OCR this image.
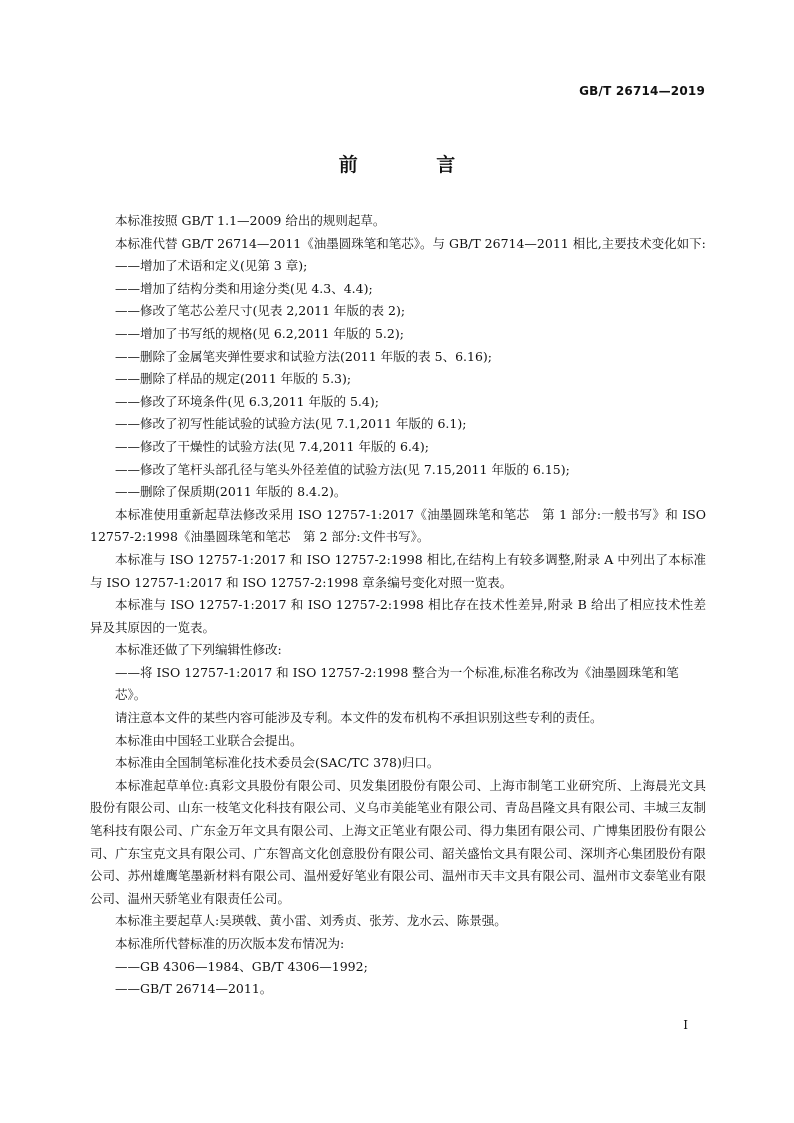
GB/T 26714—2019
前 言

本标准按照 GB/T 1.1—2009 给出的规则起草。

本标准代替 GB/T 26714—2011《油墨圆珠笔和笔芯》。与 GB/T 26714—2011 相比,主要技术变化如下:

——增加了术语和定义(见第 3 章);

——增加了结构分类和用途分类(见 4.3、4.4);

——修改了笔芯公差尺寸(见表 2,2011 年版的表 2);

——增加了书写纸的规格(见 6.2,2011 年版的 5.2);

——删除了金属笔夹弹性要求和试验方法(2011 年版的表 5、6.16);

——删除了样品的规定(2011 年版的 5.3);

——修改了环境条件(见 6.3,2011 年版的 5.4);

——修改了初写性能试验的试验方法(见 7.1,2011 年版的 6.1);

——修改了干燥性的试验方法(见 7.4,2011 年版的 6.4);

——修改了笔杆头部孔径与笔头外径差值的试验方法(见 7.15,2011 年版的 6.15);

——删除了保质期(2011 年版的 8.4.2)。

本标准使用重新起草法修改采用 ISO 12757-1:2017《油墨圆珠笔和笔芯　第 1 部分:一般书写》和 ISO 12757-2:1998《油墨圆珠笔和笔芯　第 2 部分:文件书写》。

本标准与 ISO 12757-1:2017 和 ISO 12757-2:1998 相比,在结构上有较多调整,附录 A 中列出了本标准与 ISO 12757-1:2017 和 ISO 12757-2:1998 章条编号变化对照一览表。

本标准与 ISO 12757-1:2017 和 ISO 12757-2:1998 相比存在技术性差异,附录 B 给出了相应技术性差异及其原因的一览表。

本标准还做了下列编辑性修改:

——将 ISO 12757-1:2017 和 ISO 12757-2:1998 整合为一个标准,标准名称改为《油墨圆珠笔和笔芯》。

请注意本文件的某些内容可能涉及专利。本文件的发布机构不承担识别这些专利的责任。

本标准由中国轻工业联合会提出。

本标准由全国制笔标准化技术委员会(SAC/TC 378)归口。

本标准起草单位:真彩文具股份有限公司、贝发集团股份有限公司、上海市制笔工业研究所、上海晨光文具股份有限公司、山东一枝笔文化科技有限公司、义乌市美能笔业有限公司、青岛昌隆文具有限公司、丰城三友制笔科技有限公司、广东金万年文具有限公司、上海文正笔业有限公司、得力集团有限公司、广博集团股份有限公司、广东宝克文具有限公司、广东智高文化创意股份有限公司、韶关盛怡文具有限公司、深圳齐心集团股份有限公司、苏州雄鹰笔墨新材料有限公司、温州爱好笔业有限公司、温州市天丰文具有限公司、温州市文泰笔业有限公司、温州天骄笔业有限责任公司。

本标准主要起草人:吴瑛戟、黄小雷、刘秀贞、张芳、龙水云、陈景强。

本标准所代替标准的历次版本发布情况为:

——GB 4306—1984、GB/T 4306—1992;

——GB/T 26714—2011。

I
